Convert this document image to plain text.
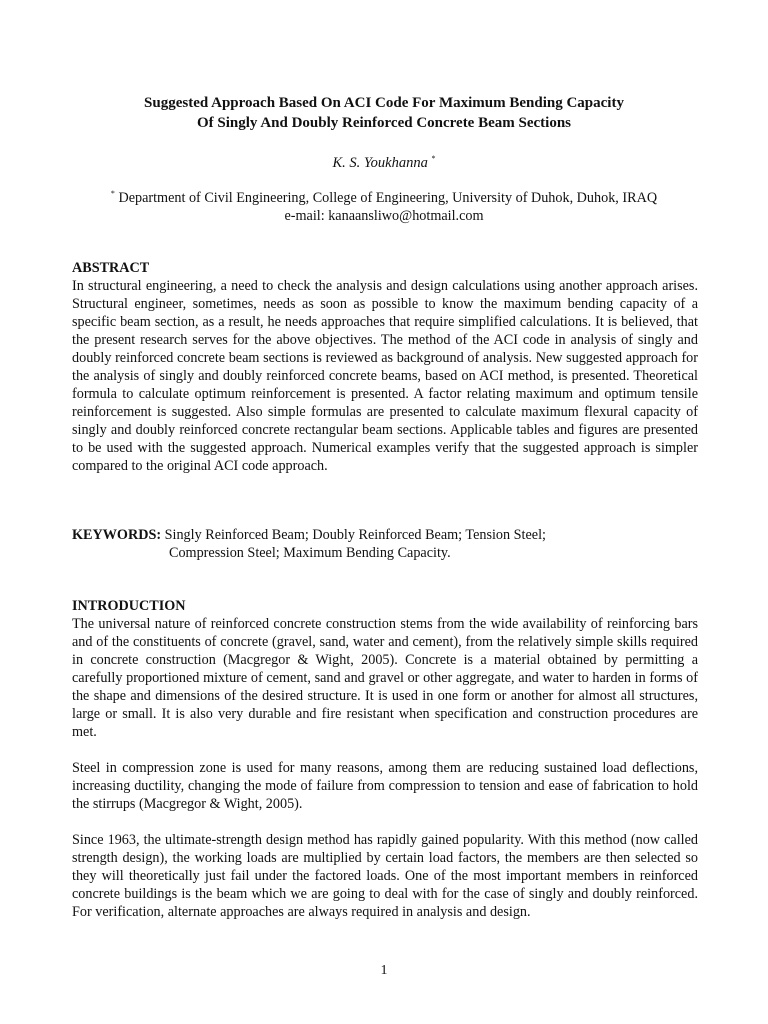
Suggested Approach Based On ACI Code For Maximum Bending Capacity
Of Singly And Doubly Reinforced Concrete Beam Sections
K. S. Youkhanna *
* Department of Civil Engineering, College of Engineering, University of Duhok, Duhok, IRAQ
e-mail: kanaansliwo@hotmail.com
ABSTRACT
In structural engineering, a need to check the analysis and design calculations using another approach arises. Structural engineer, sometimes, needs as soon as possible to know the maximum bending capacity of a specific beam section, as a result, he needs approaches that require simplified calculations. It is believed, that the present research serves for the above objectives. The method of the ACI code in analysis of singly and doubly reinforced concrete beam sections is reviewed as background of analysis. New suggested approach for the analysis of singly and doubly reinforced concrete beams, based on ACI method, is presented. Theoretical formula to calculate optimum reinforcement is presented. A factor relating maximum and optimum tensile reinforcement is suggested. Also simple formulas are presented to calculate maximum flexural capacity of singly and doubly reinforced concrete rectangular beam sections. Applicable tables and figures are presented to be used with the suggested approach. Numerical examples verify that the suggested approach is simpler compared to the original ACI code approach.
KEYWORDS: Singly Reinforced Beam; Doubly Reinforced Beam; Tension Steel;
Compression Steel; Maximum Bending Capacity.
INTRODUCTION

The universal nature of reinforced concrete construction stems from the wide availability of reinforcing bars and of the constituents of concrete (gravel, sand, water and cement), from the relatively simple skills required in concrete construction (Macgregor & Wight, 2005). Concrete is a material obtained by permitting a carefully proportioned mixture of cement, sand and gravel or other aggregate, and water to harden in forms of the shape and dimensions of the desired structure. It is used in one form or another for almost all structures, large or small. It is also very durable and fire resistant when specification and construction procedures are met.

Steel in compression zone is used for many reasons, among them are reducing sustained load deflections, increasing ductility, changing the mode of failure from compression to tension and ease of fabrication to hold the stirrups (Macgregor & Wight, 2005).

Since 1963, the ultimate-strength design method has rapidly gained popularity. With this method (now called strength design), the working loads are multiplied by certain load factors, the members are then selected so they will theoretically just fail under the factored loads. One of the most important members in reinforced concrete buildings is the beam which we are going to deal with for the case of singly and doubly reinforced. For verification, alternate approaches are always required in analysis and design.

1
